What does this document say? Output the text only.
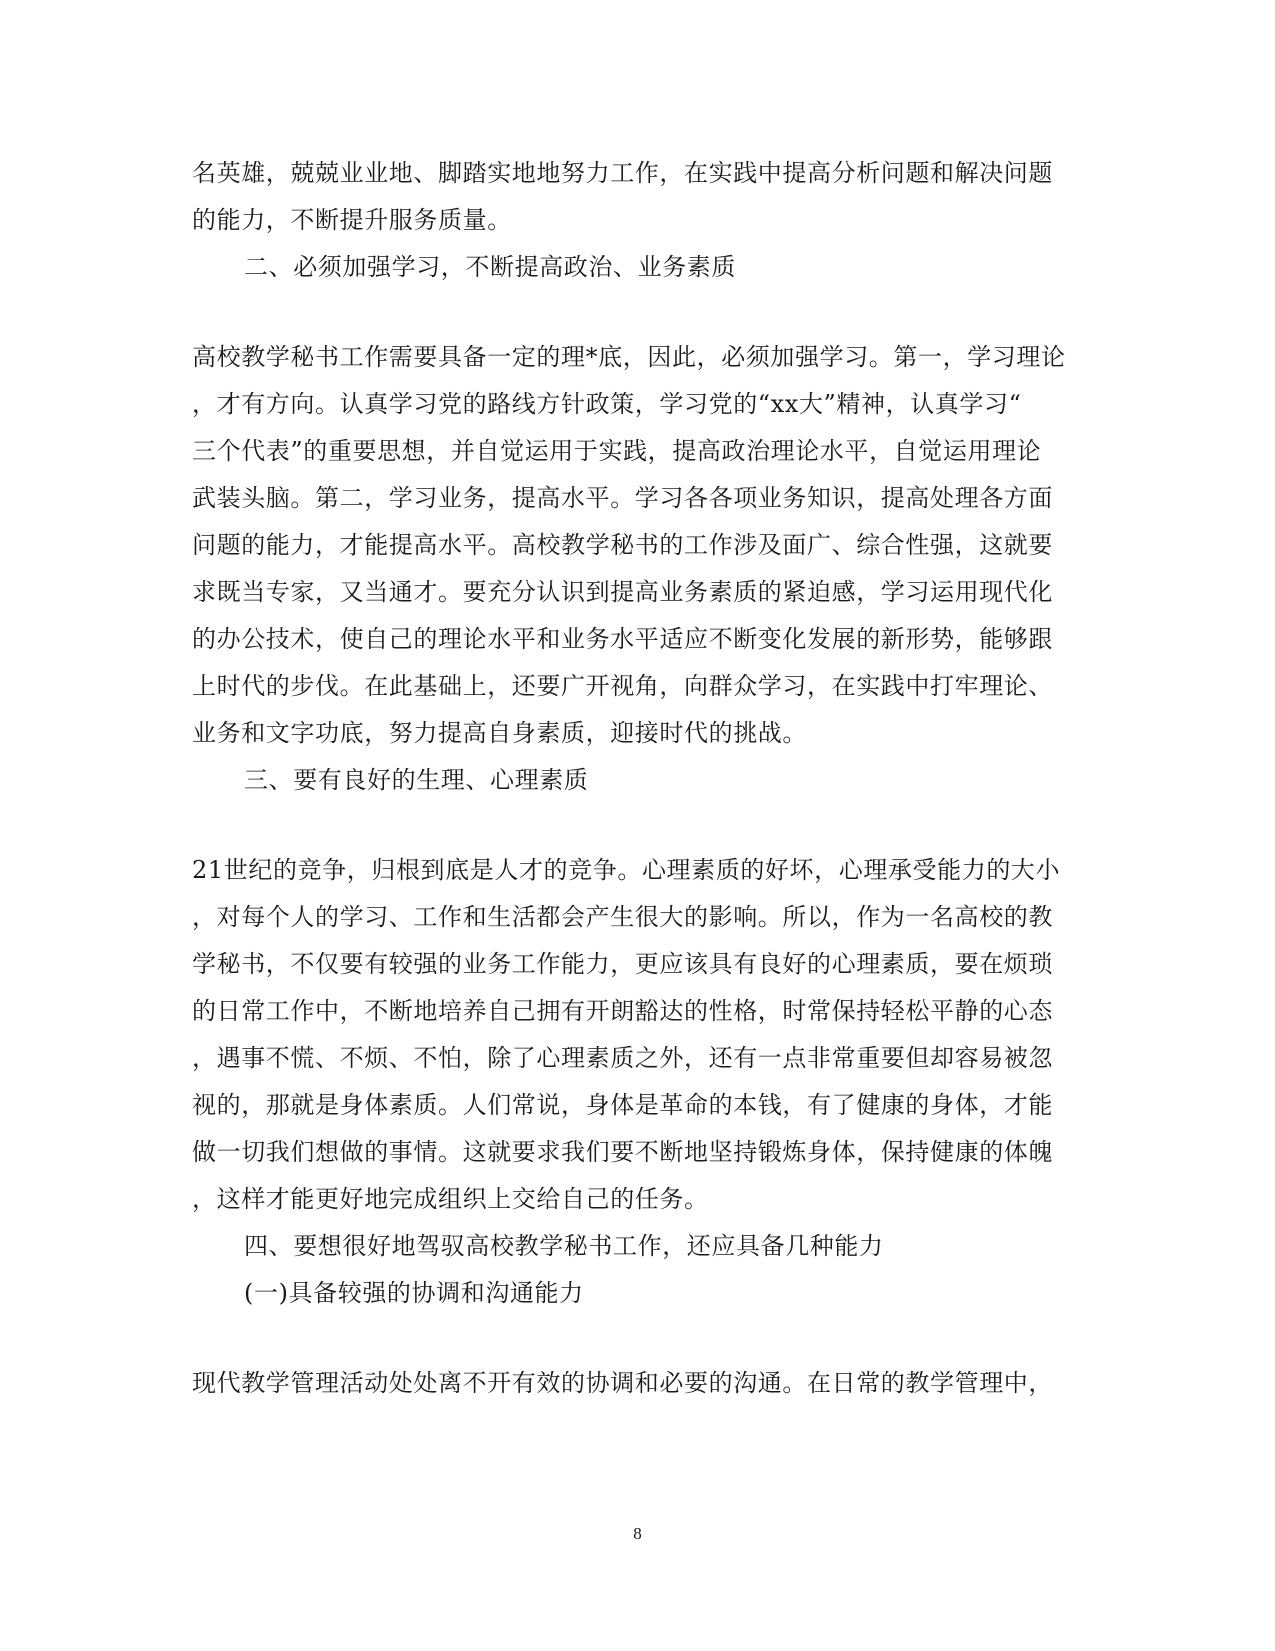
名英雄，兢兢业业地、脚踏实地地努力工作，在实践中提高分析问题和解决问题
的能力，不断提升服务质量。
二、必须加强学习，不断提高政治、业务素质
高校教学秘书工作需要具备一定的理*底，因此，必须加强学习。第一，学习理论
，才有方向。认真学习党的路线方针政策，学习党的“xx大”精神，认真学习“
三个代表”的重要思想，并自觉运用于实践，提高政治理论水平，自觉运用理论
武装头脑。第二，学习业务，提高水平。学习各各项业务知识，提高处理各方面
问题的能力，才能提高水平。高校教学秘书的工作涉及面广、综合性强，这就要
求既当专家，又当通才。要充分认识到提高业务素质的紧迫感，学习运用现代化
的办公技术，使自己的理论水平和业务水平适应不断变化发展的新形势，能够跟
上时代的步伐。在此基础上，还要广开视角，向群众学习，在实践中打牢理论、
业务和文字功底，努力提高自身素质，迎接时代的挑战。
三、要有良好的生理、心理素质
21世纪的竞争，归根到底是人才的竞争。心理素质的好坏，心理承受能力的大小
，对每个人的学习、工作和生活都会产生很大的影响。所以，作为一名高校的教
学秘书，不仅要有较强的业务工作能力，更应该具有良好的心理素质，要在烦琐
的日常工作中，不断地培养自己拥有开朗豁达的性格，时常保持轻松平静的心态
，遇事不慌、不烦、不怕，除了心理素质之外，还有一点非常重要但却容易被忽
视的，那就是身体素质。人们常说，身体是革命的本钱，有了健康的身体，才能
做一切我们想做的事情。这就要求我们要不断地坚持锻炼身体，保持健康的体魄
，这样才能更好地完成组织上交给自己的任务。
四、要想很好地驾驭高校教学秘书工作，还应具备几种能力
(一)具备较强的协调和沟通能力
现代教学管理活动处处离不开有效的协调和必要的沟通。在日常的教学管理中，
8
